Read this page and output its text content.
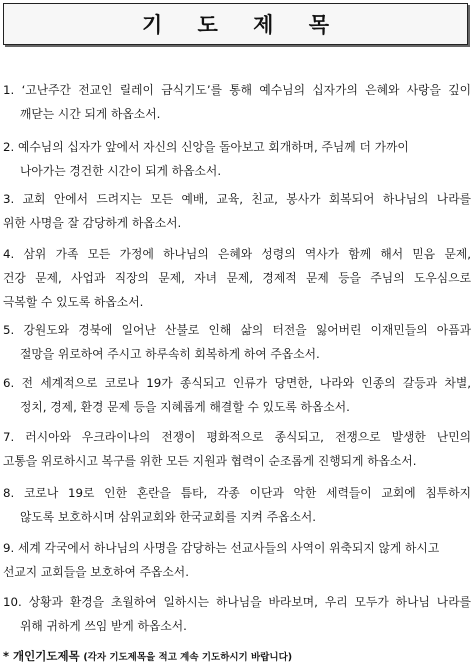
기 도 제 목
1. ‘고난주간 전교인 릴레이 금식기도’를 통해 예수님의 십자가의 은혜와 사랑을 깊이
깨닫는 시간 되게 하옵소서.
2. 예수님의 십자가 앞에서 자신의 신앙을 돌아보고 회개하며, 주님께 더 가까이
나아가는 경건한 시간이 되게 하옵소서.
3. 교회 안에서 드려지는 모든 예배, 교육, 친교, 봉사가 회복되어 하나님의 나라를
위한 사명을 잘 감당하게 하옵소서.
4. 삼위 가족 모든 가정에 하나님의 은혜와 성령의 역사가 함께 해서 믿음 문제,
건강 문제, 사업과 직장의 문제, 자녀 문제, 경제적 문제 등을 주님의 도우심으로
극복할 수 있도록 하옵소서.
5. 강원도와 경북에 일어난 산불로 인해 삶의 터전을 잃어버린 이재민들의 아픔과
절망을 위로하여 주시고 하루속히 회복하게 하여 주옵소서.
6. 전 세계적으로 코로나 19가 종식되고 인류가 당면한, 나라와 인종의 갈등과 차별,
정치, 경제, 환경 문제 등을 지혜롭게 해결할 수 있도록 하옵소서.
7. 러시아와 우크라이나의 전쟁이 평화적으로 종식되고, 전쟁으로 발생한 난민의
고통을 위로하시고 복구를 위한 모든 지원과 협력이 순조롭게 진행되게 하옵소서.
8. 코로나 19로 인한 혼란을 틈타, 각종 이단과 악한 세력들이 교회에 침투하지
않도록 보호하시며 삼위교회와 한국교회를 지켜 주옵소서.
9. 세계 각국에서 하나님의 사명을 감당하는 선교사들의 사역이 위축되지 않게 하시고
선교지 교회들을 보호하여 주옵소서.
10. 상황과 환경을 초월하여 일하시는 하나님을 바라보며, 우리 모두가 하나님 나라를
위해 귀하게 쓰임 받게 하옵소서.
* 개인기도제목 (각자 기도제목을 적고 계속 기도하시기 바랍니다)
